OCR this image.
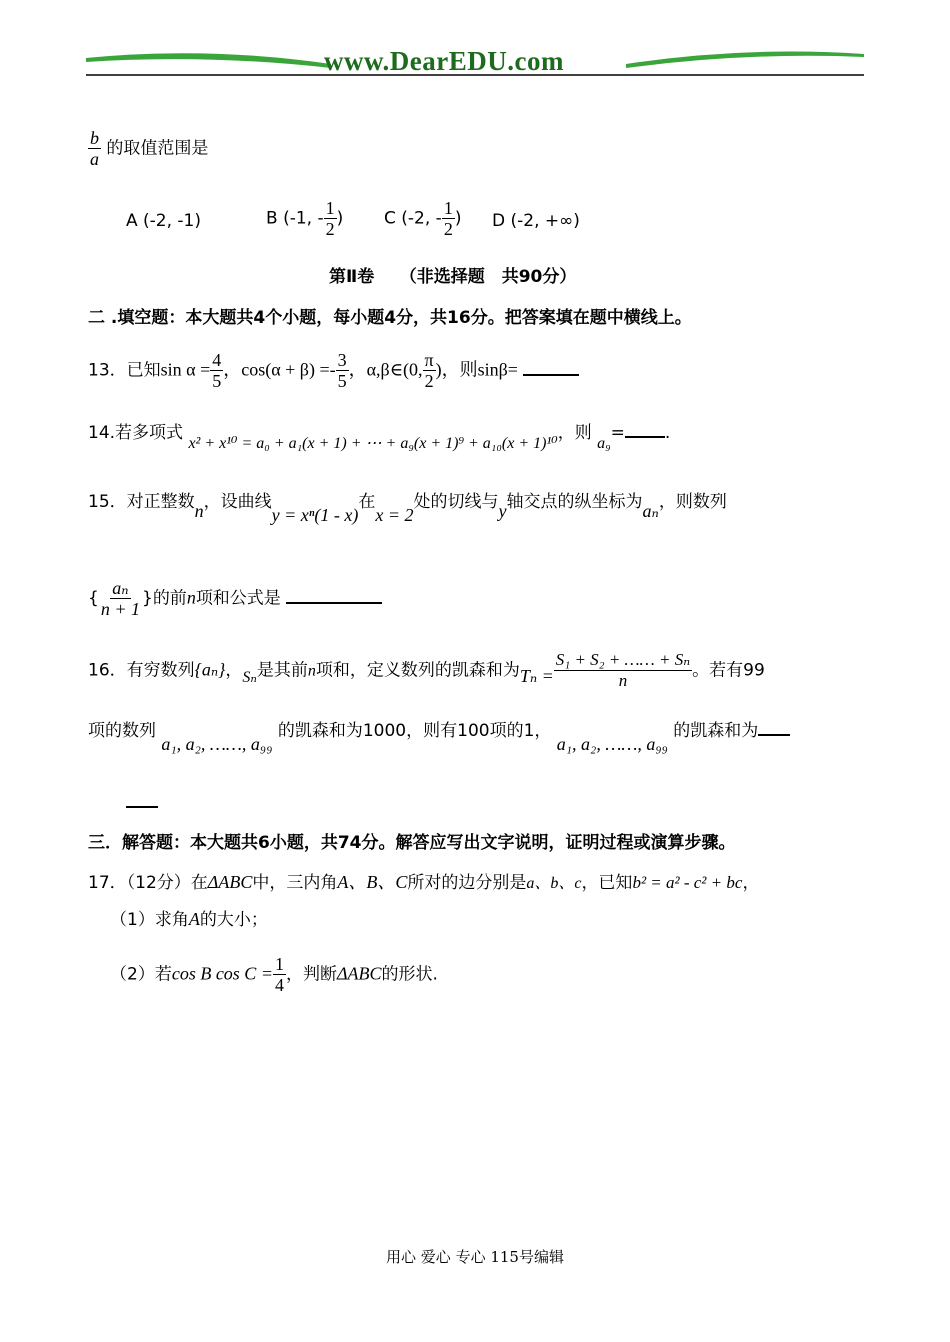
www.DearEDU.com
$\frac{b}{a}$ 的取值范围是
A (-2, -1)	B (-1, - $\frac{1}{2}$ ) C (-2, - $\frac{1}{2}$ ) D (-2, +∞)
第Ⅱ卷　　（非选择题　共90分）
二 .填空题：本大题共4个小题，每小题4分，共16分。把答案填在题中横线上。
13．已知$\sin \alpha = \frac{4}{5}$ ，$\cos(\alpha + \beta) =- \frac{3}{5}$ ，α,β∈(0, $\frac{\pi}{2}$ )，则sinβ=
14.若多项式 x² + x¹⁰ = a₀ + a₁(x + 1) + ⋯ + a₉(x + 1)⁹ + a₁₀(x + 1)¹⁰，则 a₉= .
15．对正整数n，设曲线y = xⁿ(1 - x)在x = 2处的切线与y轴交点的纵坐标为aₙ，则数列
{ $\frac{\text{aₙ}}{n + 1}$ }的前n项和公式是
16．有穷数列{aₙ}，Sₙ是其前n项和，定义数列的凯森和为$T_n = \frac{\text{S₁ + S₂ + …… + Sₙ}}{n}$ 。若有99
项的数列 a₁, a₂, ……, a₉₉ 的凯森和为1000，则有100项的1， a₁, a₂, ……, a₉₉ 的凯森和为
三．解答题：本大题共6小题，共74分。解答应写出文字说明，证明过程或演算步骤。
17．（12分）在ΔABC中，三内角A、B、C所对的边分别是a、b、c，已知b² = a² - c² + bc，
（1）求角A的大小；
（2）若cos B $\cos C = \frac{1}{4}$ ，判断ΔABC的形状.
用心 爱心 专心 115号编辑
